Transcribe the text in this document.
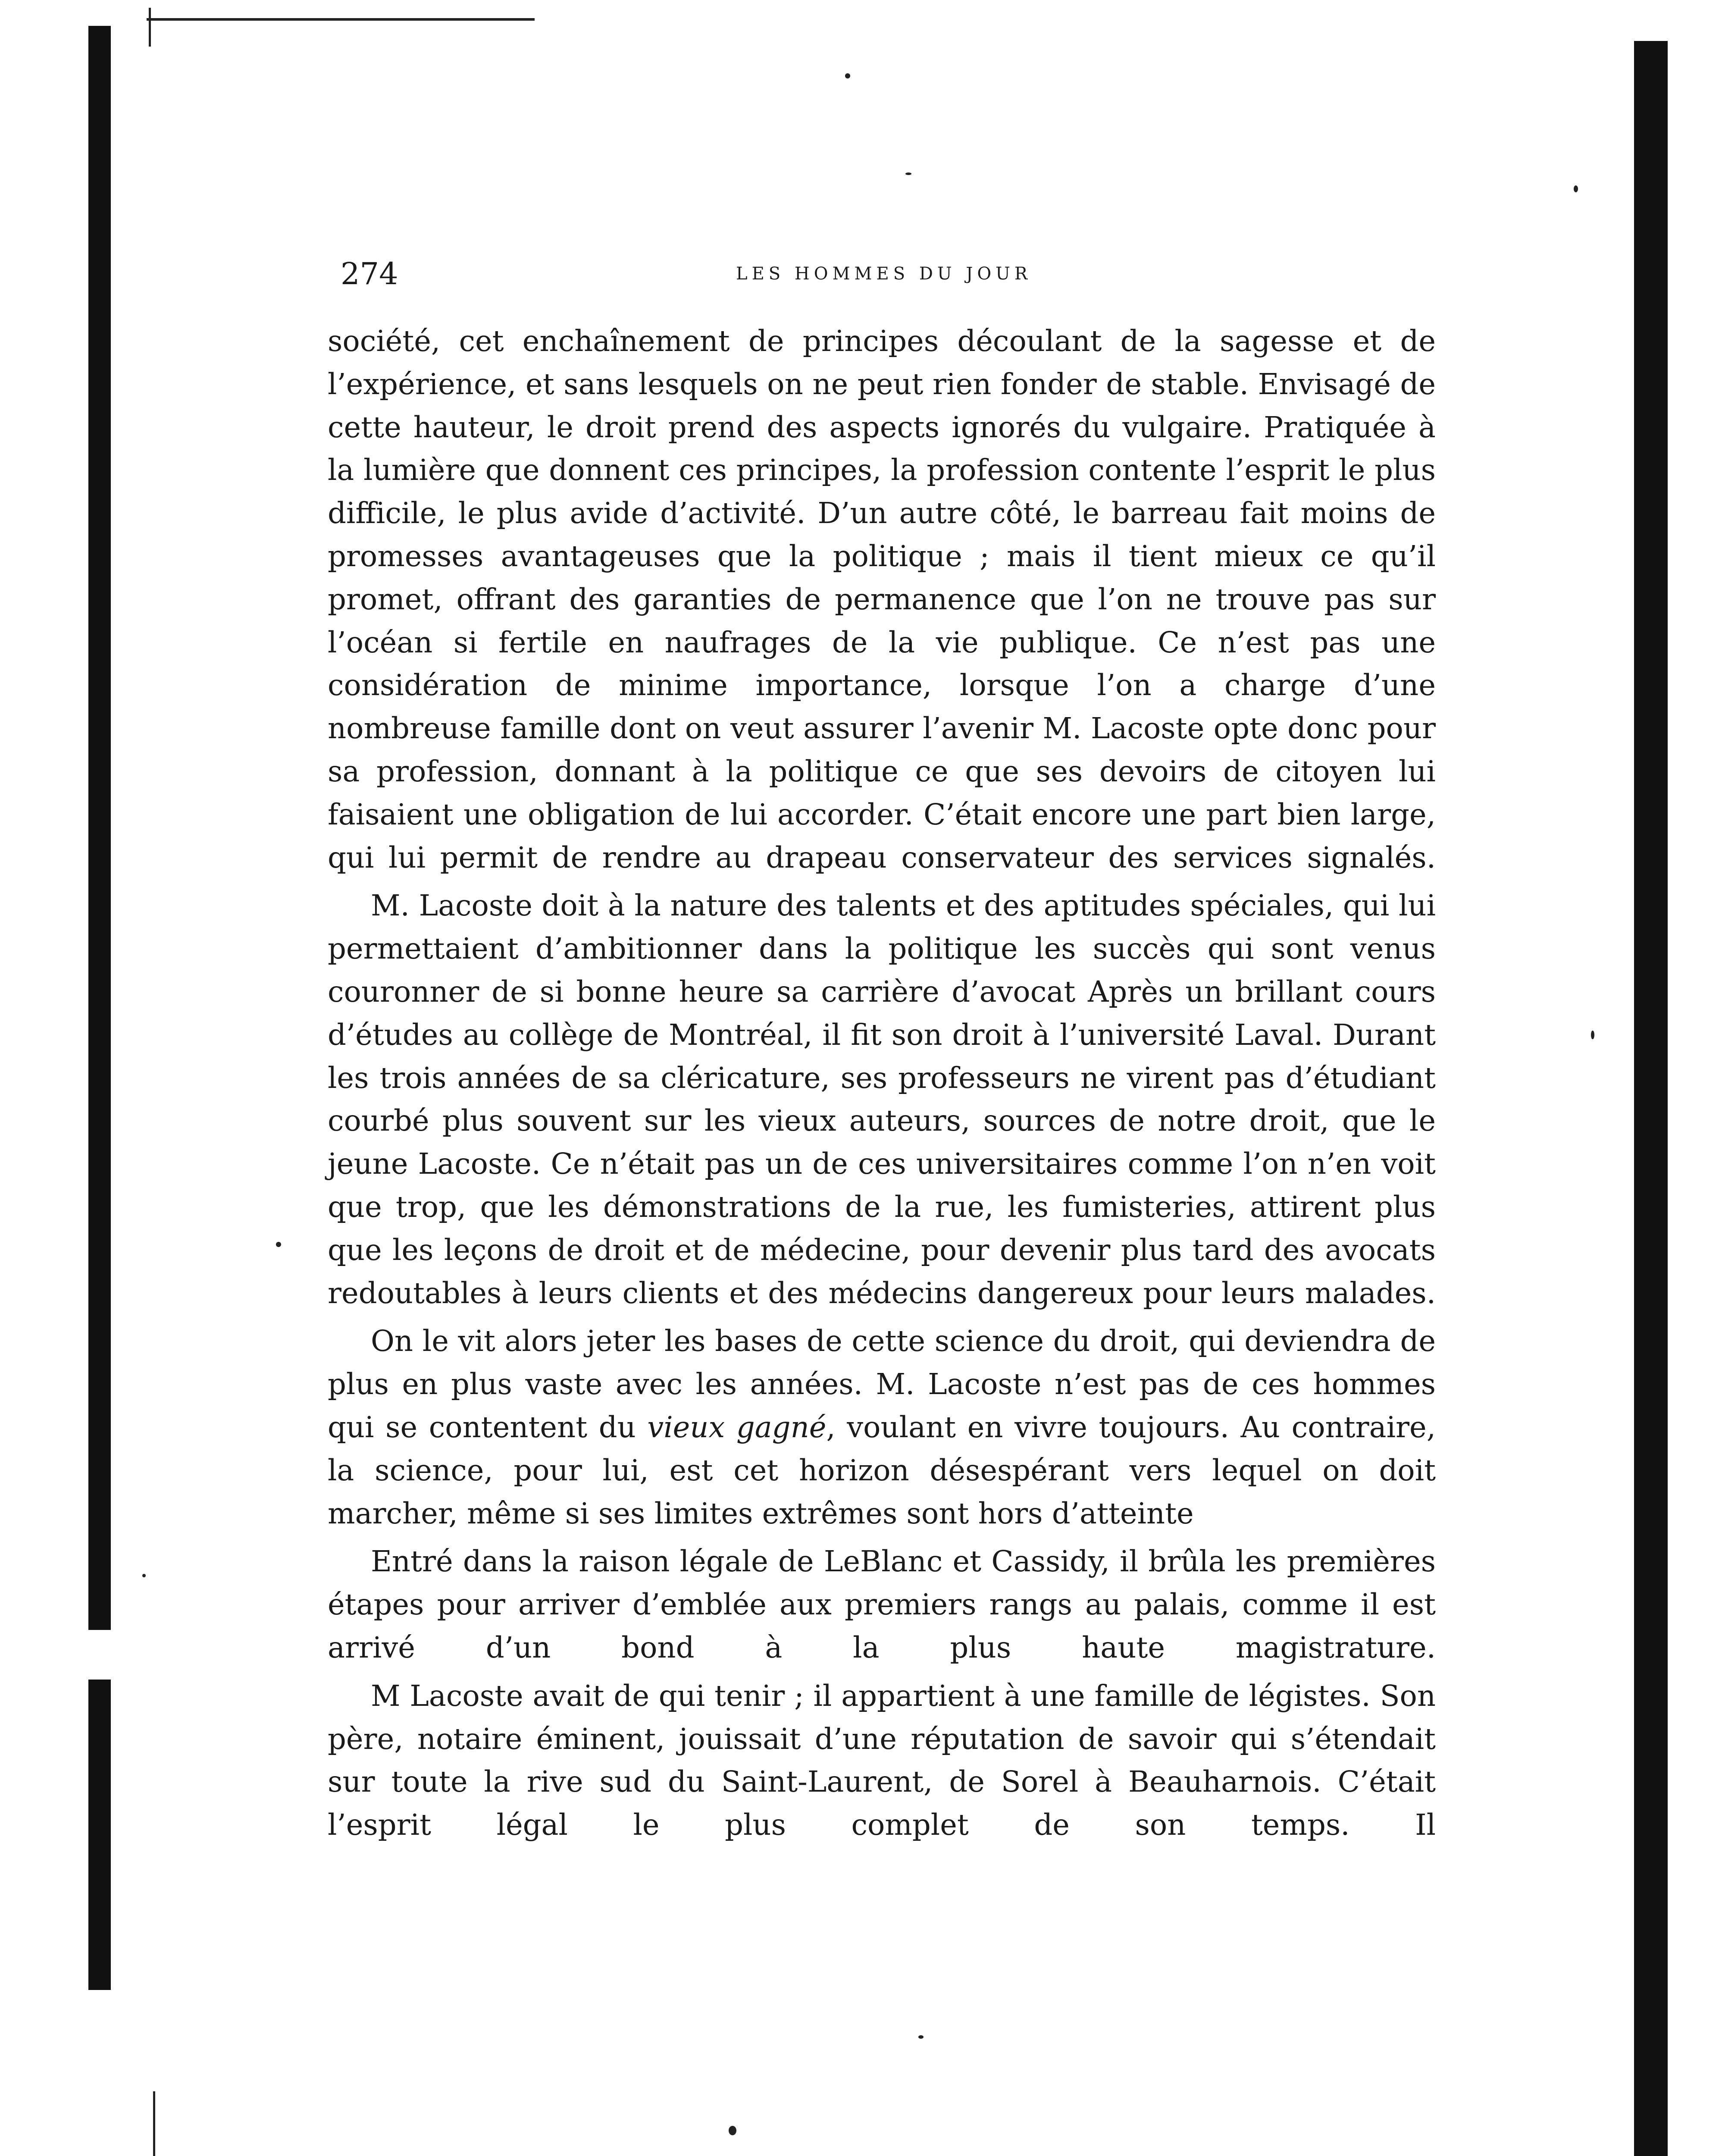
274	LES HOMMES DU JOUR

société, cet enchaînement de principes découlant de la sagesse et de l’expérience, et sans lesquels on ne peut rien fonder de stable. Envisagé de cette hauteur, le droit prend des aspects ignorés du vulgaire. Pratiquée à la lumière que donnent ces principes, la profession contente l’esprit le plus difficile, le plus avide d’activité. D’un autre côté, le barreau fait moins de promesses avantageuses que la politique ; mais il tient mieux ce qu’il promet, offrant des garanties de permanence que l’on ne trouve pas sur l’océan si fertile en naufrages de la vie publique. Ce n’est pas une considération de minime importance, lorsque l’on a charge d’une nombreuse famille dont on veut assurer l’avenir M. Lacoste opte donc pour sa profession, donnant à la politique ce que ses devoirs de citoyen lui faisaient une obligation de lui accorder. C’était encore une part bien large, qui lui permit de rendre au drapeau conservateur des services signalés.

M. Lacoste doit à la nature des talents et des aptitudes spéciales, qui lui permettaient d’ambitionner dans la politique les succès qui sont venus couronner de si bonne heure sa carrière d’avocat Après un brillant cours d’études au collège de Montréal, il fit son droit à l’université Laval. Durant les trois années de sa cléricature, ses professeurs ne virent pas d’étudiant courbé plus souvent sur les vieux auteurs, sources de notre droit, que le jeune Lacoste. Ce n’était pas un de ces universitaires comme l’on n’en voit que trop, que les démonstrations de la rue, les fumisteries, attirent plus que les leçons de droit et de médecine, pour devenir plus tard des avocats redoutables à leurs clients et des médecins dangereux pour leurs malades.

On le vit alors jeter les bases de cette science du droit, qui deviendra de plus en plus vaste avec les années. M. Lacoste n’est pas de ces hommes qui se contentent du vieux gagné, voulant en vivre toujours. Au contraire, la science, pour lui, est cet horizon désespérant vers lequel on doit marcher, même si ses limites extrêmes sont hors d’atteinte

Entré dans la raison légale de LeBlanc et Cassidy, il brûla les premières étapes pour arriver d’emblée aux premiers rangs au palais, comme il est arrivé d’un bond à la plus haute magistrature.

M Lacoste avait de qui tenir ; il appartient à une famille de légistes. Son père, notaire éminent, jouissait d’une réputation de savoir qui s’étendait sur toute la rive sud du Saint-Laurent, de Sorel à Beauharnois. C’était l’esprit légal le plus complet de son temps. Il
